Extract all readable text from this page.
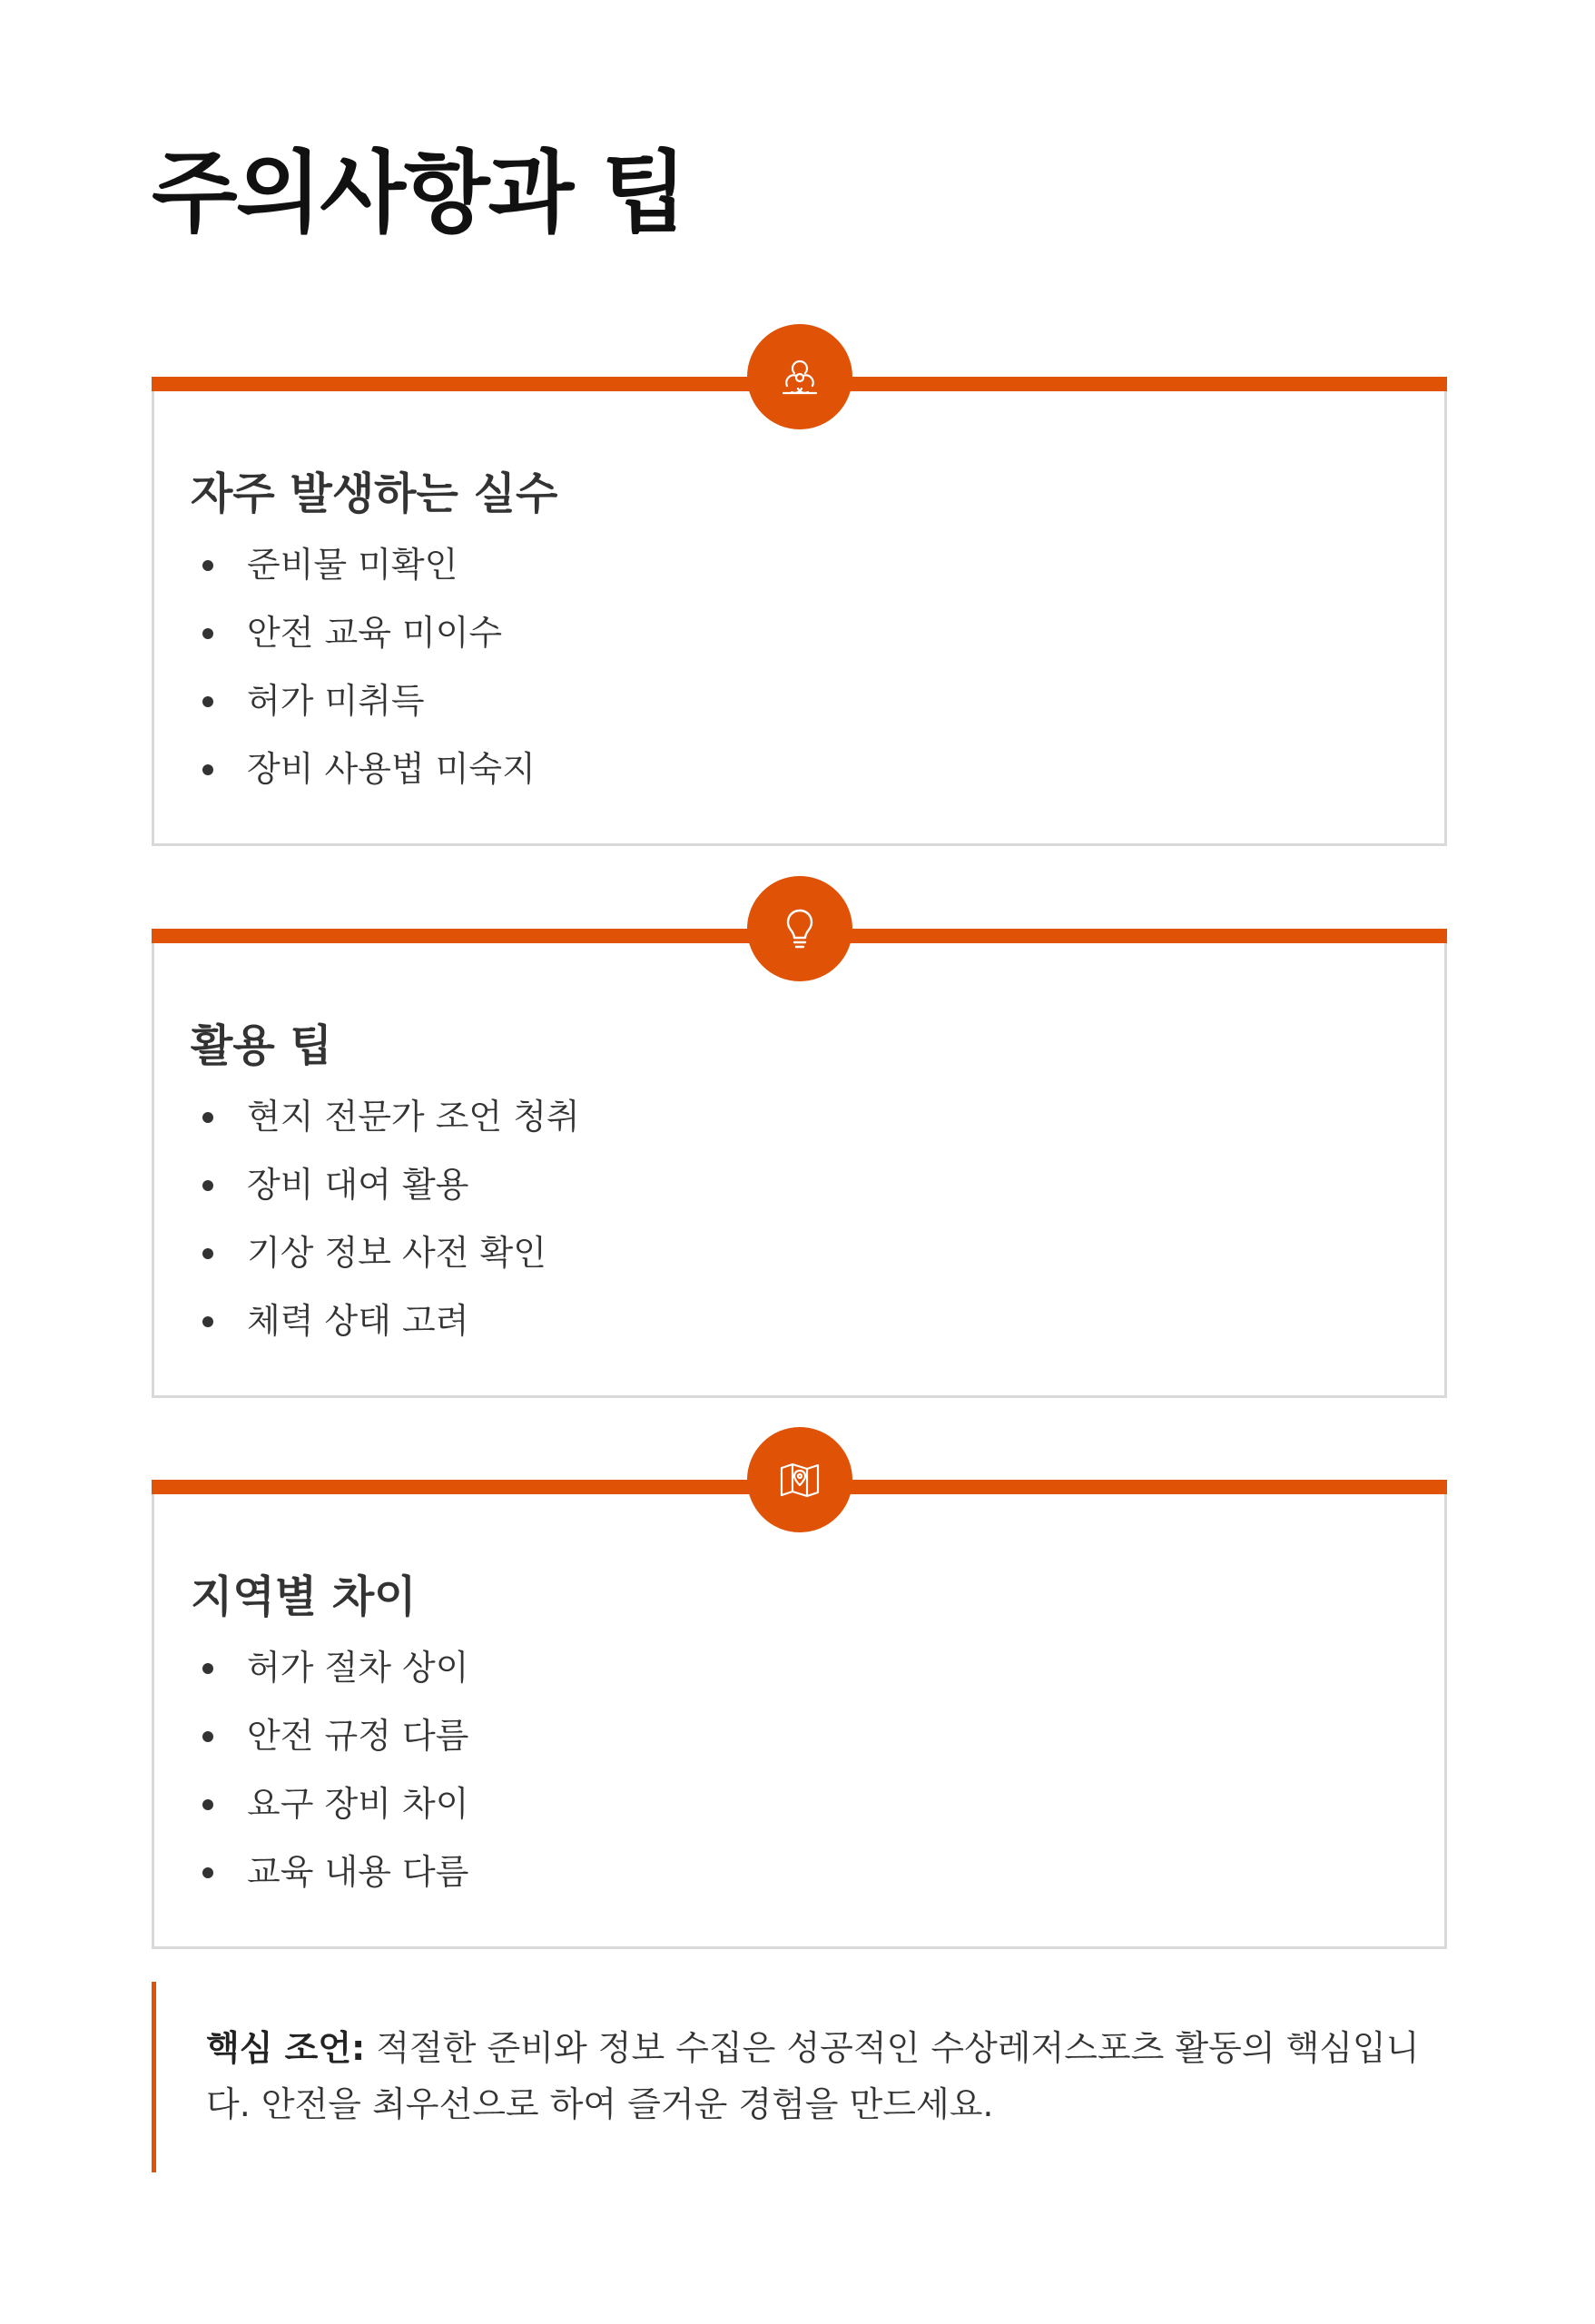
주의사항과 팁
자주 발생하는 실수
준비물 미확인
안전 교육 미이수
허가 미취득
장비 사용법 미숙지
활용 팁
현지 전문가 조언 청취
장비 대여 활용
기상 정보 사전 확인
체력 상태 고려
지역별 차이
허가 절차 상이
안전 규정 다름
요구 장비 차이
교육 내용 다름

핵심 조언: 적절한 준비와 정보 수집은 성공적인 수상레저스포츠 활동의 핵심입니다. 안전을 최우선으로 하여 즐거운 경험을 만드세요.
